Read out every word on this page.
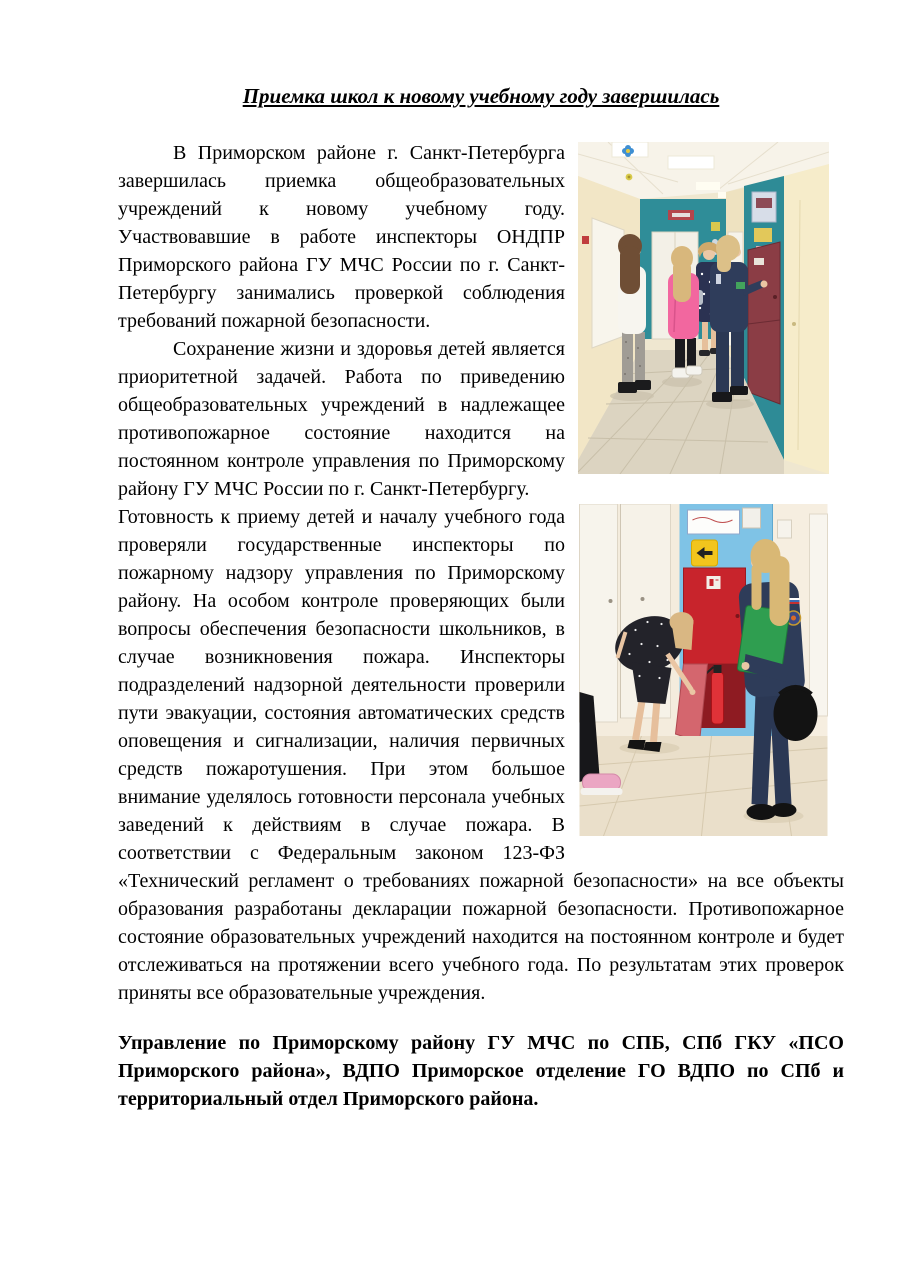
Приемка школ к новому учебному году завершилась

В Приморском районе г. Санкт-Петербурга завершилась приемка общеобразовательных учреждений к новому учебному году. Участвовавшие в работе инспекторы ОНДПР Приморского района ГУ МЧС России по г. Санкт-Петербургу занимались проверкой соблюдения требований пожарной безопасности.

Сохранение жизни и здоровья детей является приоритетной задачей. Работа по приведению общеобразовательных учреждений в надлежащее противопожарное состояние находится на постоянном контроле управления по Приморскому району ГУ МЧС России по г. Санкт-Петербургу.

Готовность к приему детей и началу учебного года проверяли государственные инспекторы по пожарному надзору управления по Приморскому району. На особом контроле проверяющих были вопросы обеспечения безопасности школьников, в случае возникновения пожара. Инспекторы подразделений надзорной деятельности проверили пути эвакуации, состояния автоматических средств оповещения и сигнализации, наличия первичных средств пожаротушения. При этом большое внимание уделялось готовности персонала учебных заведений к действиям в случае пожара. В соответствии с Федеральным законом 123-ФЗ «Технический регламент о требованиях пожарной безопасности» на все объекты образования разработаны декларации пожарной безопасности. Противопожарное состояние образовательных учреждений находится на постоянном контроле и будет отслеживаться на протяжении всего учебного года. По результатам этих проверок приняты все образовательные учреждения.

Управление по Приморскому району ГУ МЧС по СПБ, СПб ГКУ «ПСО Приморского района», ВДПО Приморское отделение ГО ВДПО по СПб и территориальный отдел Приморского района.
